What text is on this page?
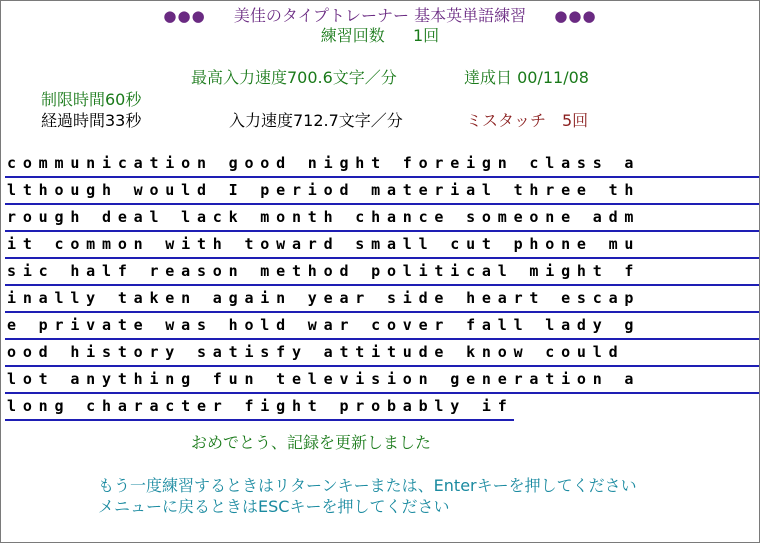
●●● 美佳のタイプトレーナー 基本英単語練習 ●●●
練習回数 1回
最高入力速度700.6文字／分	達成日 00/11/08
制限時間60秒
経過時間33秒	入力速度712.7文字／分	ミスタッチ　5回
communication good night foreign class a
lthough would I period material three th
rough deal lack month chance someone adm
it common with toward small cut phone mu
sic half reason method political might f
inally taken again year side heart escap
e private was hold war cover fall lady g
ood history satisfy attitude know could
lot anything fun television generation a
long character fight probably if
おめでとう、記録を更新しました
もう一度練習するときはリターンキーまたは、Enterキーを押してください
メニューに戻るときはESCキーを押してください
